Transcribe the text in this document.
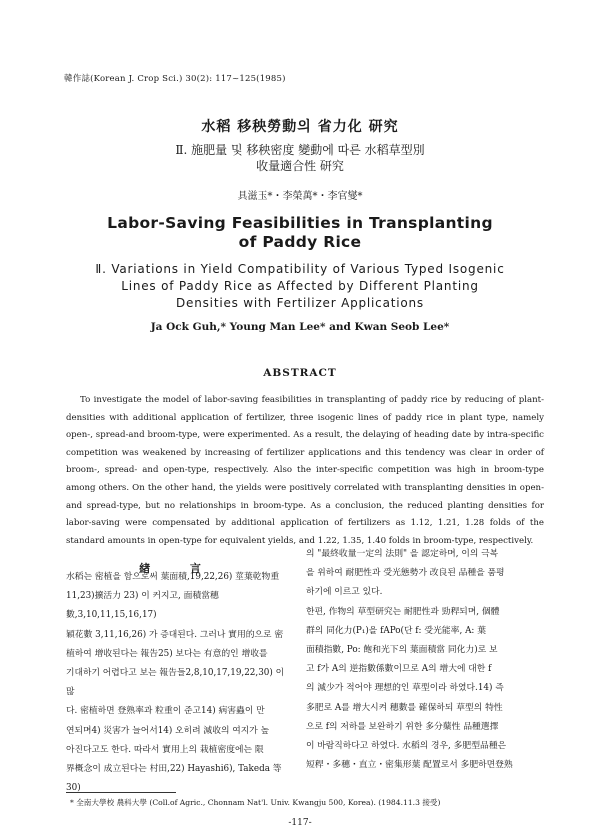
韓作誌(Korean J. Crop Sci.) 30(2): 117~125(1985)
水稻 移秧勞動의 省力化 研究
Ⅱ. 施肥量 및 移秧密度 變動에 따른 水稻草型別
收量適合性 研究
具滋玉*・李榮萬*・李官燮*
Labor-Saving Feasibilities in Transplanting
of Paddy Rice
Ⅱ. Variations in Yield Compatibility of Various Typed Isogenic
Lines of Paddy Rice as Affected by Different Planting
Densities with Fertilizer Applications
Ja Ock Guh,* Young Man Lee* and Kwan Seob Lee*
ABSTRACT
To investigate the model of labor-saving feasibilities in transplanting of paddy rice by reducing of plant-densities with additional application of fertilizer, three isogenic lines of paddy rice in plant type, namely open-, spread-and broom-type, were experimented. As a result, the delaying of heading date by intra-specific competition was weakened by increasing of fertilizer applications and this tendency was clear in order of broom-, spread- and open-type, respectively. Also the inter-specific competition was high in broom-type among others. On the other hand, the yields were positively correlated with transplanting densities in open- and spread-type, but no relationships in broom-type. As a conclusion, the reduced planting densities for labor-saving were compensated by additional application of fertilizers as 1.12, 1.21, 1.28 folds of the standard amounts in open-type for equivalent yields, and 1.22, 1.35, 1.40 folds in broom-type, respectively.
緖 言
水稻는 密植을 함으로써 葉面積,19,22,26) 莖葉乾物重
11,23)擴活力 23) 이 커지고, 面積當穗數,3,10,11,15,16,17)
穎花數 3,11,16,26) 가 증대된다. 그러나 實用的으로 密
植하여 增收된다는 報告25) 보다는 有意的인 增收를
기대하기 어렵다고 보는 報告들2,8,10,17,19,22,30) 이 많
다. 密植하면 登熟率과 粒重이 준고14) 病害蟲이 만
연되며4) 災害가 늘어서14) 오히려 減收의 여지가 높
아진다고도 한다. 따라서 實用上의 栽植密度에는 限
界概念이 成立된다는 村田,22) Hayashi6), Takeda 等30)
의 "最終收量一定의 法則" 을 認定하며, 이의 극복
을 위하여 耐肥性과 受光態勢가 改良된 品種을 품평
하기에 이르고 있다.
한편, 作物의 草型研究는 耐肥性과 勁稈되며, 個體
群의 同化力(P₁)을 fAPo(단 f: 受光能率, A: 葉
面積指數, Po: 飽和光下의 葉面積當 同化力)로 보
고 f가 A의 逆指數係數이므로 A의 增大에 대한 f
의 減少가 적어야 理想的인 草型이라 하였다.14) 즉
多肥로 A를 增大시켜 穗數를 確保하되 草型의 特性
으로 f의 저하를 보완하기 위한 多分蘖性 品種選擇
이 바람직하다고 하였다. 水稻의 경우, 多肥型品種은
短稈・多穗・直立・密集形葉 配置로서 多肥하면登熟
* 全南大學校 農科大學 (Coll.of Agric., Chonnam Nat'l. Univ. Kwangju 500, Korea). (1984.11.3 接受)
-117-
